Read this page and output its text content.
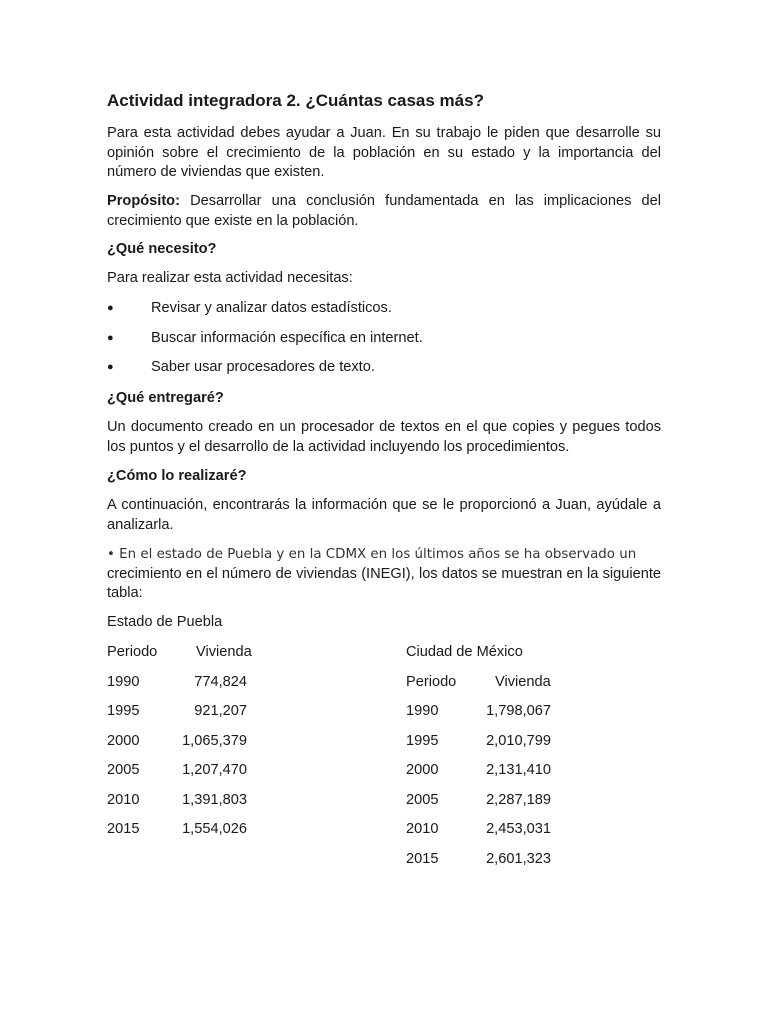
Actividad integradora 2. ¿Cuántas casas más?
Para esta actividad debes ayudar a Juan. En su trabajo le piden que desarrolle su opinión sobre el crecimiento de la población en su estado y la importancia del número de viviendas que existen.
Propósito: Desarrollar una conclusión fundamentada en las implicaciones del crecimiento que existe en la población.
¿Qué necesito?
Para realizar esta actividad necesitas:
●	Revisar y analizar datos estadísticos.
●	Buscar información específica en internet.
●	Saber usar procesadores de texto.
¿Qué entregaré?
Un documento creado en un procesador de textos en el que copies y pegues todos los puntos y el desarrollo de la actividad incluyendo los procedimientos.
¿Cómo lo realizaré?
A continuación, encontrarás la información que se le proporcionó a Juan, ayúdale a analizarla.
• En el estado de Puebla y en la CDMX en los últimos años se ha observado un
crecimiento en el número de viviendas (INEGI), los datos se muestran en la siguiente tabla:
Estado de Puebla
Periodo	Vivienda
1990	774,824
1995	921,207
2000	1,065,379
2005	1,207,470
2010	1,391,803
2015	1,554,026
Ciudad de México
Periodo	Vivienda
1990	1,798,067
1995	2,010,799
2000	2,131,410
2005	2,287,189
2010	2,453,031
2015	2,601,323
